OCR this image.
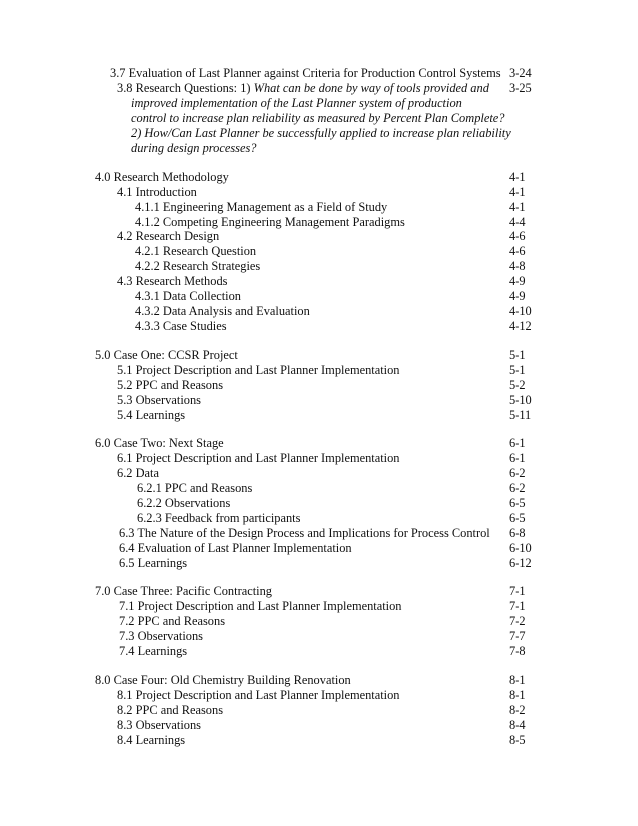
3.7 Evaluation of Last Planner against Criteria for Production Control Systems 3-24
3.8 Research Questions: 1) What can be done by way of tools provided and 3-25
improved implementation of the Last Planner system of production
control to increase plan reliability as measured by Percent Plan Complete?
2) How/Can Last Planner be successfully applied to increase plan reliability
during design processes?
4.0 Research Methodology	4-1
4.1 Introduction	4-1
4.1.1 Engineering Management as a Field of Study	4-1
4.1.2 Competing Engineering Management Paradigms	4-4
4.2 Research Design	4-6
4.2.1 Research Question	4-6
4.2.2 Research Strategies	4-8
4.3 Research Methods	4-9
4.3.1 Data Collection	4-9
4.3.2 Data Analysis and Evaluation	4-10
4.3.3 Case Studies	4-12
5.0 Case One: CCSR Project	5-1
5.1 Project Description and Last Planner Implementation	5-1
5.2 PPC and Reasons	5-2
5.3 Observations	5-10
5.4 Learnings	5-11
6.0 Case Two: Next Stage	6-1
6.1 Project Description and Last Planner Implementation	6-1
6.2 Data	6-2
6.2.1 PPC and Reasons	6-2
6.2.2 Observations	6-5
6.2.3 Feedback from participants	6-5
6.3 The Nature of the Design Process and Implications for Process Control 6-8
6.4 Evaluation of Last Planner Implementation	6-10
6.5 Learnings	6-12
7.0 Case Three: Pacific Contracting	7-1
7.1 Project Description and Last Planner Implementation	7-1
7.2 PPC and Reasons	7-2
7.3 Observations	7-7
7.4 Learnings	7-8
8.0 Case Four: Old Chemistry Building Renovation	8-1
8.1 Project Description and Last Planner Implementation	8-1
8.2 PPC and Reasons	8-2
8.3 Observations	8-4
8.4 Learnings	8-5
